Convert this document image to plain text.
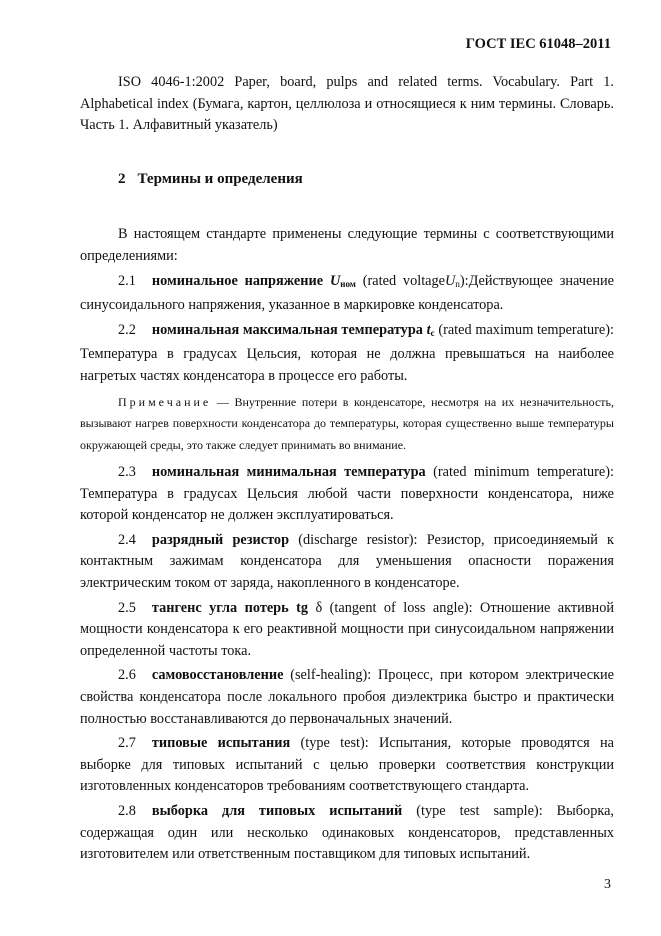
ГОСТ IEC 61048–2011

ISO 4046-1:2002 Paper, board, pulps and related terms. Vocabulary. Part 1. Alphabetical index (Бумага, картон, целлюлоза и относящиеся к ним термины. Словарь. Часть 1. Алфавитный указатель)

2 Термины и определения

В настоящем стандарте применены следующие термины с соответствующими определениями:

2.1 номинальное напряжение $U_{ном}$ (rated voltageUn):Действующее значение синусоидального напряжения, указанное в маркировке конденсатора.

2.2 номинальная максимальная температура $t_c$ (rated maximum temperature): Температура в градусах Цельсия, которая не должна превышаться на наиболее нагретых частях конденсатора в процессе его работы.

Примечание — Внутренние потери в конденсаторе, несмотря на их незначительность, вызывают нагрев поверхности конденсатора до температуры, которая существенно выше температуры окружающей среды, это также следует принимать во внимание.

2.3 номинальная минимальная температура (rated minimum temperature): Температура в градусах Цельсия любой части поверхности конденсатора, ниже которой конденсатор не должен эксплуатироваться.

2.4 разрядный резистор (discharge resistor): Резистор, присоединяемый к контактным зажимам конденсатора для уменьшения опасности поражения электрическим током от заряда, накопленного в конденсаторе.

2.5 тангенс угла потерь tg δ (tangent of loss angle): Отношение активной мощности конденсатора к его реактивной мощности при синусоидальном напряжении определенной частоты тока.

2.6 самовосстановление (self-healing): Процесс, при котором электрические свойства конденсатора после локального пробоя диэлектрика быстро и практически полностью восстанавливаются до первоначальных значений.

2.7 типовые испытания (type test): Испытания, которые проводятся на выборке для типовых испытаний с целью проверки соответствия конструкции изготовленных конденсаторов требованиям соответствующего стандарта.

2.8 выборка для типовых испытаний (type test sample): Выборка, содержащая один или несколько одинаковых конденсаторов, представленных изготовителем или ответственным поставщиком для типовых испытаний.

3
